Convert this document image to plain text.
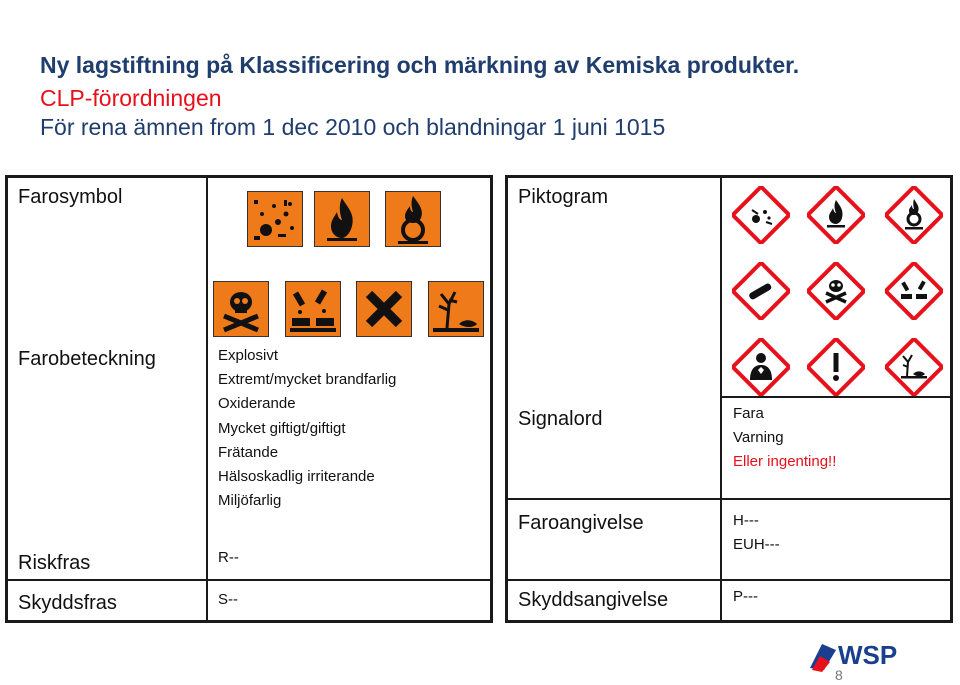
Ny lagstiftning på Klassificering och märkning av Kemiska produkter.
CLP-förordningen
För rena ämnen from 1 dec 2010 och blandningar 1 juni 1015
Farosymbol
Farobeteckning
Riskfras
Skyddsfras
Explosivt
Extremt/mycket brandfarlig
Oxiderande
Mycket giftigt/giftigt
Frätande
Hälsoskadlig irriterande
Miljöfarlig
R--
S--
Piktogram
Signalord
Faroangivelse
Skyddsangivelse
Fara
Varning
Eller ingenting!!
H---
EUH---
P---
WSP
8
